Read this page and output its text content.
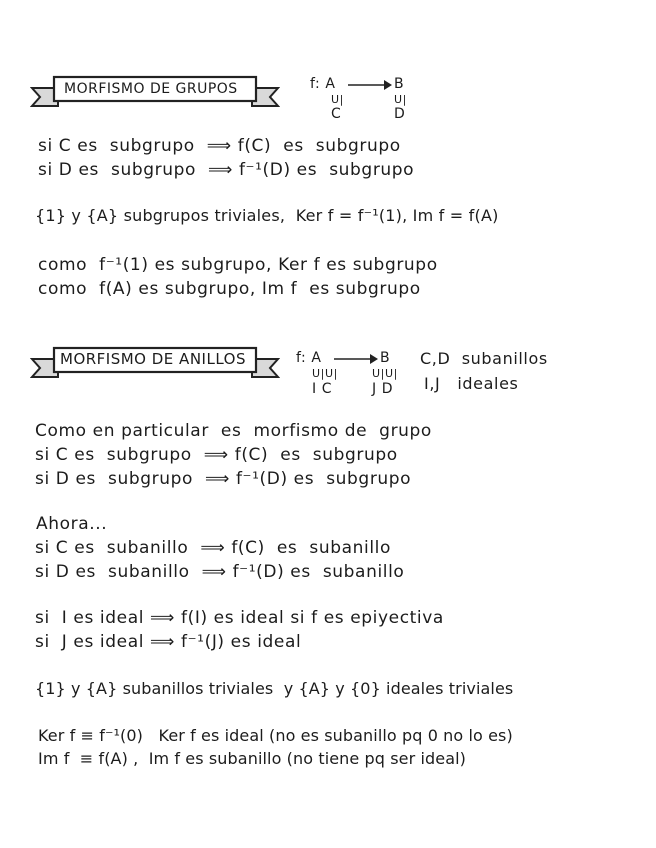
MORFISMO DE GRUPOS	f: A	B
U|	U|
C	D
si C es  subgrupo  ⟹ f(C)  es  subgrupo
si D es  subgrupo  ⟹ f⁻¹(D) es  subgrupo
{1} y {A} subgrupos triviales,  Ker f = f⁻¹(1), Im f = f(A)
como  f⁻¹(1) es subgrupo, Ker f es subgrupo
como  f(A) es subgrupo, Im f  es subgrupo
MORFISMO DE ANILLOS	f: A	B
U|U|	U|U|
I C	J D
C,D  subanillos
I,J   ideales
Como en particular  es  morfismo de  grupo
si C es  subgrupo  ⟹ f(C)  es  subgrupo
si D es  subgrupo  ⟹ f⁻¹(D) es  subgrupo
Ahora...
si C es  subanillo  ⟹ f(C)  es  subanillo
si D es  subanillo  ⟹ f⁻¹(D) es  subanillo
si  I es ideal ⟹ f(I) es ideal si f es epiyectiva
si  J es ideal ⟹ f⁻¹(J) es ideal
{1} y {A} subanillos triviales  y {A} y {0} ideales triviales
Ker f ≡ f⁻¹(0)   Ker f es ideal (no es subanillo pq 0 no lo es)
Im f  ≡ f(A) ,  Im f es subanillo (no tiene pq ser ideal)
